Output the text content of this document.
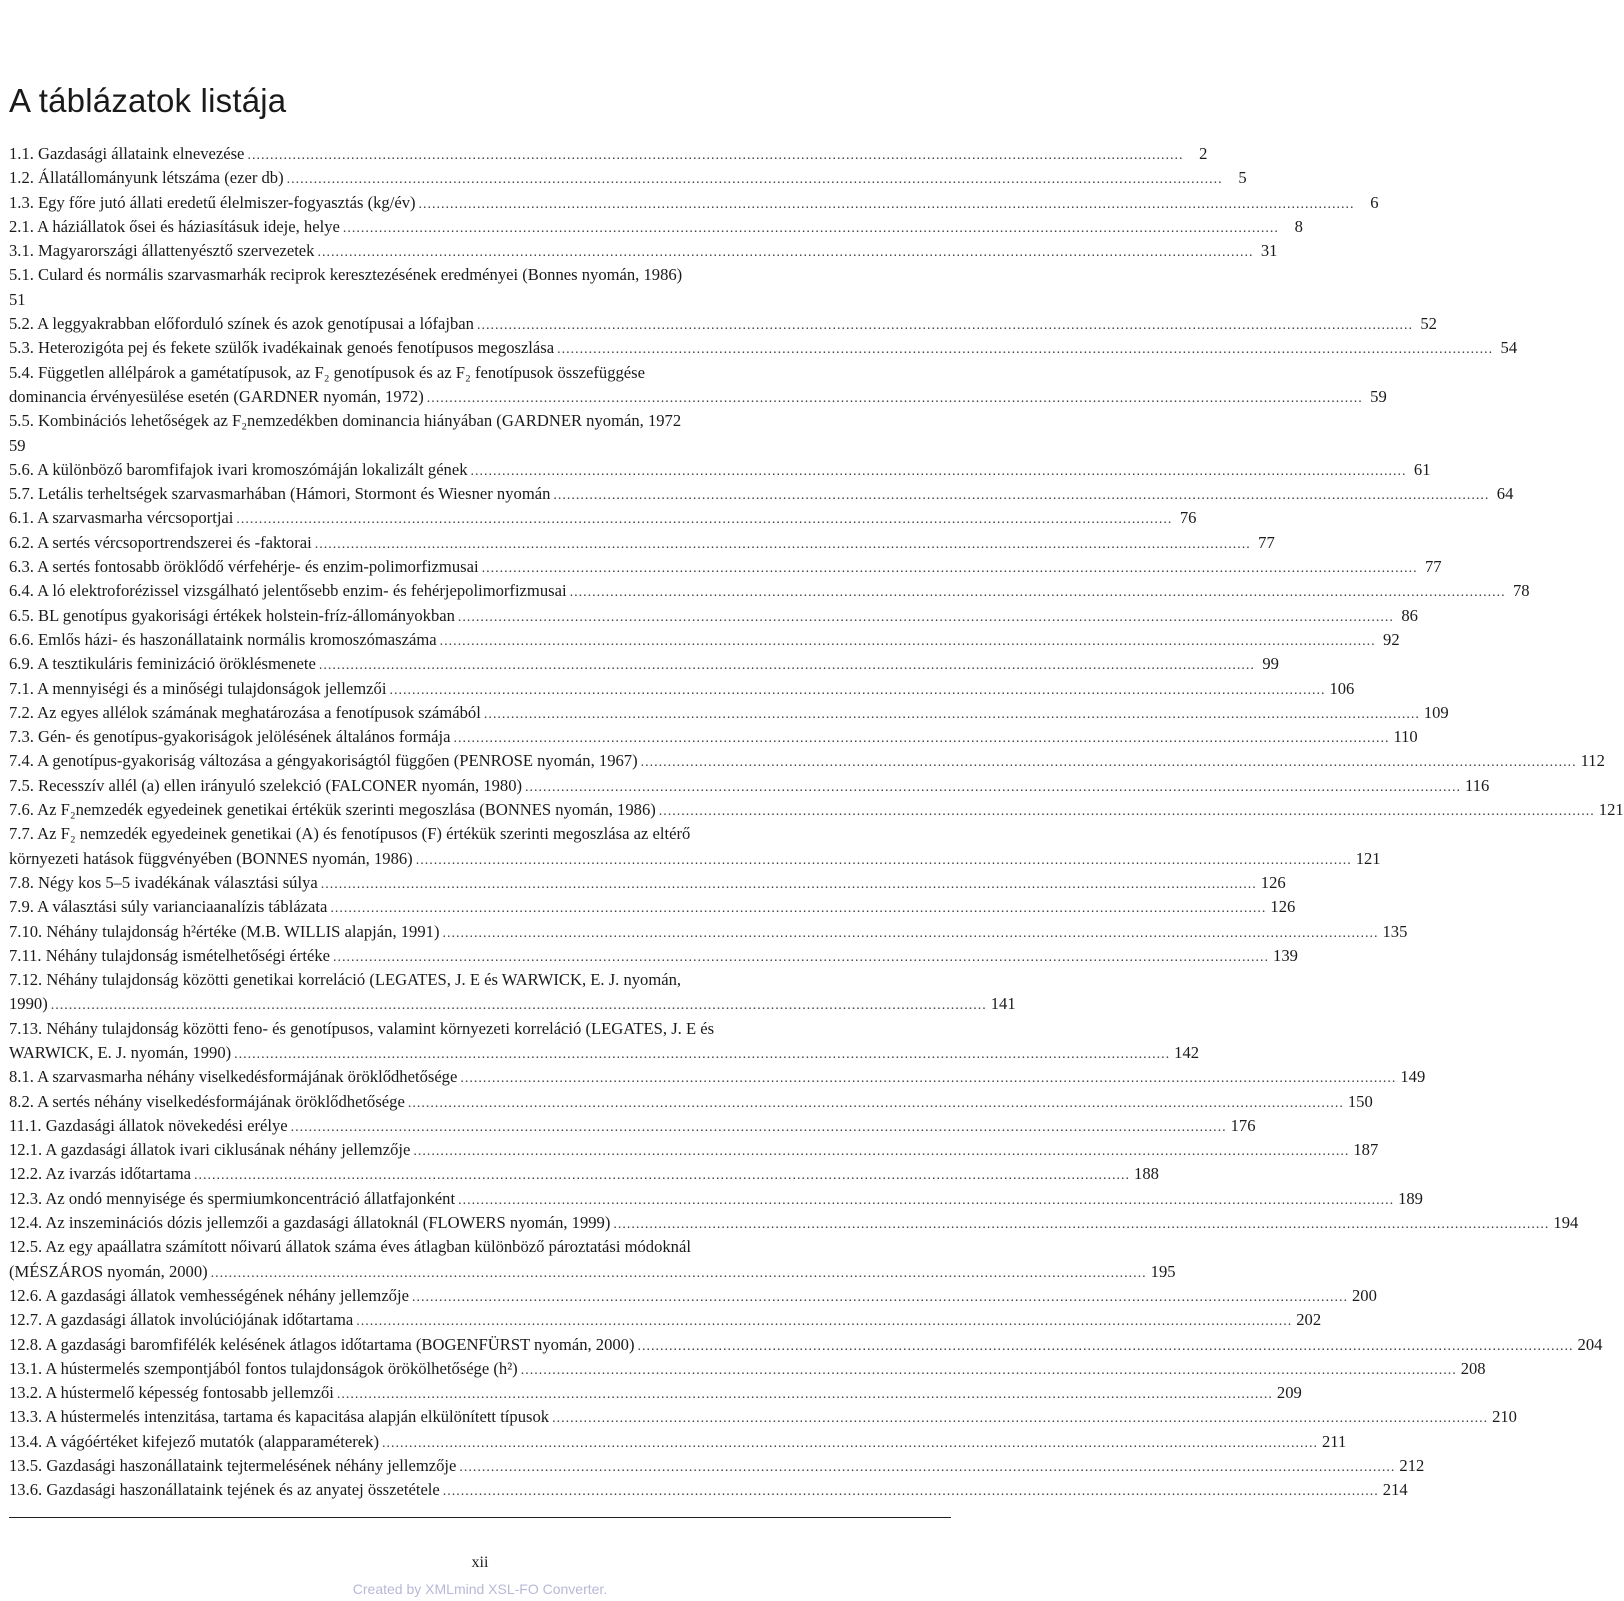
A táblázatok listája
1.1. Gazdasági állataink elnevezése .....	2
1.2. Állatállományunk létszáma (ezer db) .....	5
1.3. Egy főre jutó állati eredetű élelmiszer-fogyasztás (kg/év) .....	6
2.1. A háziállatok ősei és háziasításuk ideje, helye .....	8
3.1. Magyarországi állattenyésztő szervezetek .....	31
5.1. Culard és normális szarvasmarhák reciprok keresztezésének eredményei (Bonnes nyomán, 1986)
51
5.2. A leggyakrabban előforduló színek és azok genotípusai a lófajban .....	52
5.3. Heterozigóta pej és fekete szülők ivadékainak genoés fenotípusos megoszlása .....	54
5.4. Független allélpárok a gamétatípusok, az F₂ genotípusok és az F₂ fenotípusok összefüggése
dominancia érvényesülése esetén (GARDNER nyomán, 1972) .....	59
5.5. Kombinációs lehetőségek az F₂nemzedékben dominancia hiányában (GARDNER nyomán, 1972
59
5.6. A különböző baromfifajok ivari kromoszómáján lokalizált gének .....	61
5.7. Letális terheltségek szarvasmarhában (Hámori, Stormont és Wiesner nyomán .....	64
6.1. A szarvasmarha vércsoportjai .....	76
6.2. A sertés vércsoportrendszerei és -faktorai .....	77
6.3. A sertés fontosabb öröklődő vérfehérje- és enzim-polimorfizmusai .....	77
6.4. A ló elektroforézissel vizsgálható jelentősebb enzim- és fehérjepolimorfizmusai .....	78
6.5. BL genotípus gyakorisági értékek holstein-fríz-állományokban .....	86
6.6. Emlős házi- és haszonállataink normális kromoszómaszáma .....	92
6.9. A tesztikuláris feminizáció öröklésmenete .....	99
7.1. A mennyiségi és a minőségi tulajdonságok jellemzői .....	106
7.2. Az egyes allélok számának meghatározása a fenotípusok számából .....	109
7.3. Gén- és genotípus-gyakoriságok jelölésének általános formája .....	110
7.4. A genotípus-gyakoriság változása a géngyakoriságtól függően (PENROSE nyomán, 1967) .....	112
7.5. Recesszív allél (a) ellen irányuló szelekció (FALCONER nyomán, 1980) .....	116
7.6. Az F₂nemzedék egyedeinek genetikai értékük szerinti megoszlása (BONNES nyomán, 1986) .....	121
7.7. Az F₂ nemzedék egyedeinek genetikai (A) és fenotípusos (F) értékük szerinti megoszlása az eltérő
környezeti hatások függvényében (BONNES nyomán, 1986) .....	121
7.8. Négy kos 5–5 ivadékának választási súlya .....	126
7.9. A választási súly varianciaanalízis táblázata .....	126
7.10. Néhány tulajdonság h²értéke (M.B. WILLIS alapján, 1991) .....	135
7.11. Néhány tulajdonság ismételhetőségi értéke .....	139
7.12. Néhány tulajdonság közötti genetikai korreláció (LEGATES, J. E és WARWICK, E. J. nyomán,
1990) .....	141
7.13. Néhány tulajdonság közötti feno- és genotípusos, valamint környezeti korreláció (LEGATES, J. E és
WARWICK, E. J. nyomán, 1990) .....	142
8.1. A szarvasmarha néhány viselkedésformájának öröklődhetősége .....	149
8.2. A sertés néhány viselkedésformájának öröklődhetősége .....	150
11.1. Gazdasági állatok növekedési erélye .....	176
12.1. A gazdasági állatok ivari ciklusának néhány jellemzője .....	187
12.2. Az ivarzás időtartama .....	188
12.3. Az ondó mennyisége és spermiumkoncentráció állatfajonként .....	189
12.4. Az inszeminációs dózis jellemzői a gazdasági állatoknál (FLOWERS nyomán, 1999) .....	194
12.5. Az egy apaállatra számított nőivarú állatok száma éves átlagban különböző pároztatási módoknál
(MÉSZÁROS nyomán, 2000) .....	195
12.6. A gazdasági állatok vemhességének néhány jellemzője .....	200
12.7. A gazdasági állatok involúciójának időtartama .....	202
12.8. A gazdasági baromfifélék kelésének átlagos időtartama (BOGENFÜRST nyomán, 2000) .....	204
13.1. A hústermelés szempontjából fontos tulajdonságok örökölhetősége (h²) .....	208
13.2. A hústermelő képesség fontosabb jellemzői .....	209
13.3. A hústermelés intenzitása, tartama és kapacitása alapján elkülönített típusok .....	210
13.4. A vágóértéket kifejező mutatók (alapparaméterek) .....	211
13.5. Gazdasági haszonállataink tejtermelésének néhány jellemzője .....	212
13.6. Gazdasági haszonállataink tejének és az anyatej összetétele .....	214
xii
Created by XMLmind XSL-FO Converter.
